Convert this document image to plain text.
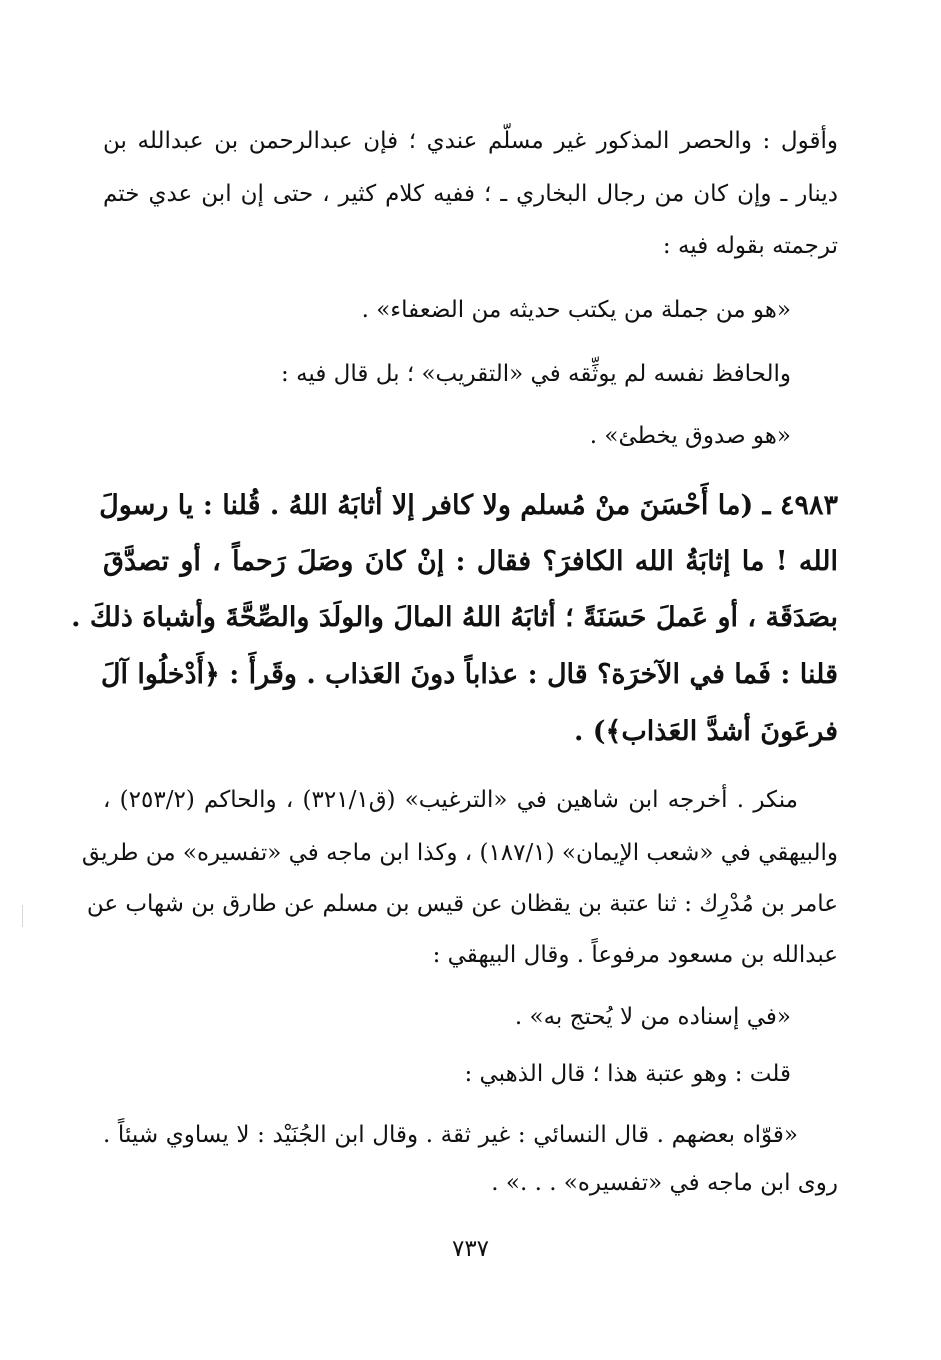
وأقول : والحصر المذكور غير مسلّم عندي ؛ فإن عبدالرحمن بن عبدالله بن
دينار ـ وإن كان من رجال البخاري ـ ؛ ففيه كلام كثير ، حتى إن ابن عدي ختم
ترجمته بقوله فيه :
«هو من جملة من يكتب حديثه من الضعفاء» .
والحافظ نفسه لم يوثِّقه في «التقريب» ؛ بل قال فيه :
«هو صدوق يخطئ» .
٤٩٨٣ ـ (ما أَحْسَنَ منْ مُسلم ولا كافر إلا أثابَهُ اللهُ . قُلنا : يا رسولَ
الله ! ما إثابَةُ الله الكافرَ؟ فقال : إنْ كانَ وصَلَ رَحماً ، أو تصدَّقَ
بصَدَقَة ، أو عَملَ حَسَنَةً ؛ أثابَهُ اللهُ المالَ والولَدَ والصِّحَّةَ وأشباهَ ذلكَ .
قلنا : فَما في الآخرَة؟ قال : عذاباً دونَ العَذاب . وقَرأَ : ﴿أَدْخلُوا آلَ
فرعَونَ أشدَّ العَذاب﴾) .
منكر . أخرجه ابن شاهين في «الترغيب» (ق٣٢١/١) ، والحاكم (٢٥٣/٢) ،
والبيهقي في «شعب الإيمان» (١٨٧/١) ، وكذا ابن ماجه في «تفسيره» من طريق
عامر بن مُدْرِك : ثنا عتبة بن يقظان عن قيس بن مسلم عن طارق بن شهاب عن
عبدالله بن مسعود مرفوعاً . وقال البيهقي :
«في إسناده من لا يُحتج به» .
قلت : وهو عتبة هذا ؛ قال الذهبي :
«قوّاه بعضهم . قال النسائي : غير ثقة . وقال ابن الجُنَيْد : لا يساوي شيئاً .
روى ابن ماجه في «تفسيره» . . .» .
٧٣٧
